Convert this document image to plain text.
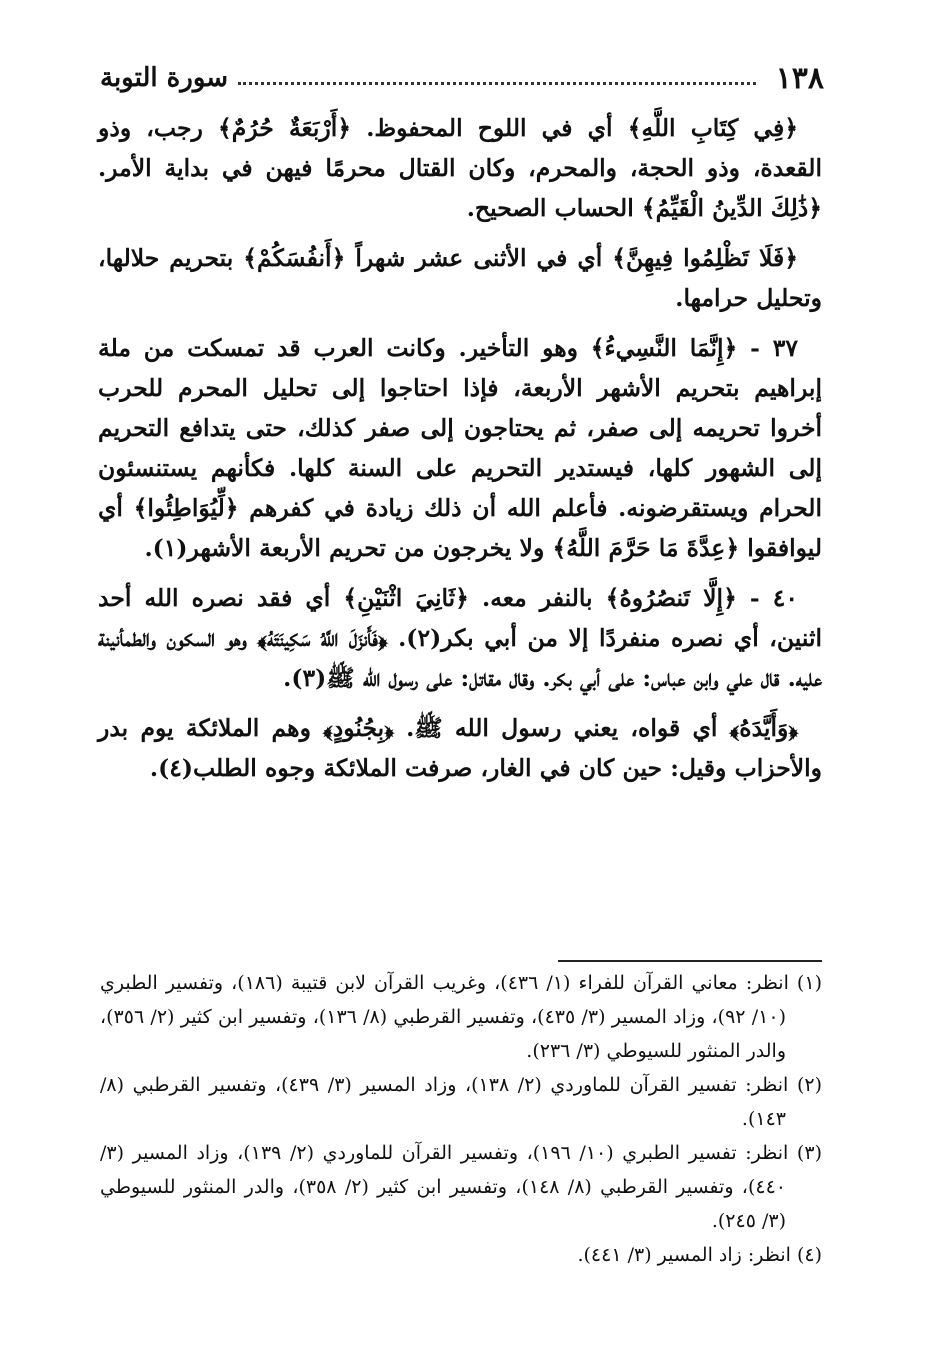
١٣٨
سورة التوبة

﴿فِي كِتَابِ اللَّهِ﴾ أي في اللوح المحفوظ. ﴿أَرْبَعَةٌ حُرُمٌ﴾ رجب، وذو القعدة، وذو الحجة، والمحرم، وكان القتال محرمًا فيهن في بداية الأمر. ﴿ذَٰلِكَ الدِّينُ الْقَيِّمُ﴾ الحساب الصحيح.

﴿فَلَا تَظْلِمُوا فِيهِنَّ﴾ أي في الأثنى عشر شهراً ﴿أَنفُسَكُمْ﴾ بتحريم حلالها، وتحليل حرامها.

٣٧ - ﴿إِنَّمَا النَّسِيءُ﴾ وهو التأخير. وكانت العرب قد تمسكت من ملة إبراهيم بتحريم الأشهر الأربعة، فإذا احتاجوا إلى تحليل المحرم للحرب أخروا تحريمه إلى صفر، ثم يحتاجون إلى صفر كذلك، حتى يتدافع التحريم إلى الشهور كلها، فيستدير التحريم على السنة كلها. فكأنهم يستنسئون الحرام ويستقرضونه. فأعلم الله أن ذلك زيادة في كفرهم ﴿لِّيُوَاطِئُوا﴾ أي ليوافقوا ﴿عِدَّةَ مَا حَرَّمَ اللَّهُ﴾ ولا يخرجون من تحريم الأربعة الأشهر(١).

٤٠ - ﴿إِلَّا تَنصُرُوهُ﴾ بالنفر معه. ﴿ثَانِيَ اثْنَيْنِ﴾ أي فقد نصره الله أحد اثنين، أي نصره منفردًا إلا من أبي بكر(٢). ﴿فَأَنزَلَ اللَّهُ سَكِينَتَهُ﴾ وهو السكون والطمأنينة عليه. قال علي وابن عباس: على أبي بكر. وقال مقاتل: على رسول الله ﷺ(٣).

﴿وَأَيَّدَهُ﴾ أي قواه، يعني رسول الله ﷺ. ﴿بِجُنُودٍ﴾ وهم الملائكة يوم بدر والأحزاب وقيل: حين كان في الغار، صرفت الملائكة وجوه الطلب(٤).

(١) انظر: معاني القرآن للفراء (١/ ٤٣٦)، وغريب القرآن لابن قتيبة (١٨٦)، وتفسير الطبري (١٠/ ٩٢)، وزاد المسير (٣/ ٤٣٥)، وتفسير القرطبي (٨/ ١٣٦)، وتفسير ابن كثير (٢/ ٣٥٦)، والدر المنثور للسيوطي (٣/ ٢٣٦).

(٢) انظر: تفسير القرآن للماوردي (٢/ ١٣٨)، وزاد المسير (٣/ ٤٣٩)، وتفسير القرطبي (٨/ ١٤٣).

(٣) انظر: تفسير الطبري (١٠/ ١٩٦)، وتفسير القرآن للماوردي (٢/ ١٣٩)، وزاد المسير (٣/ ٤٤٠)، وتفسير القرطبي (٨/ ١٤٨)، وتفسير ابن كثير (٢/ ٣٥٨)، والدر المنثور للسيوطي (٣/ ٢٤٥).

(٤) انظر: زاد المسير (٣/ ٤٤١).
